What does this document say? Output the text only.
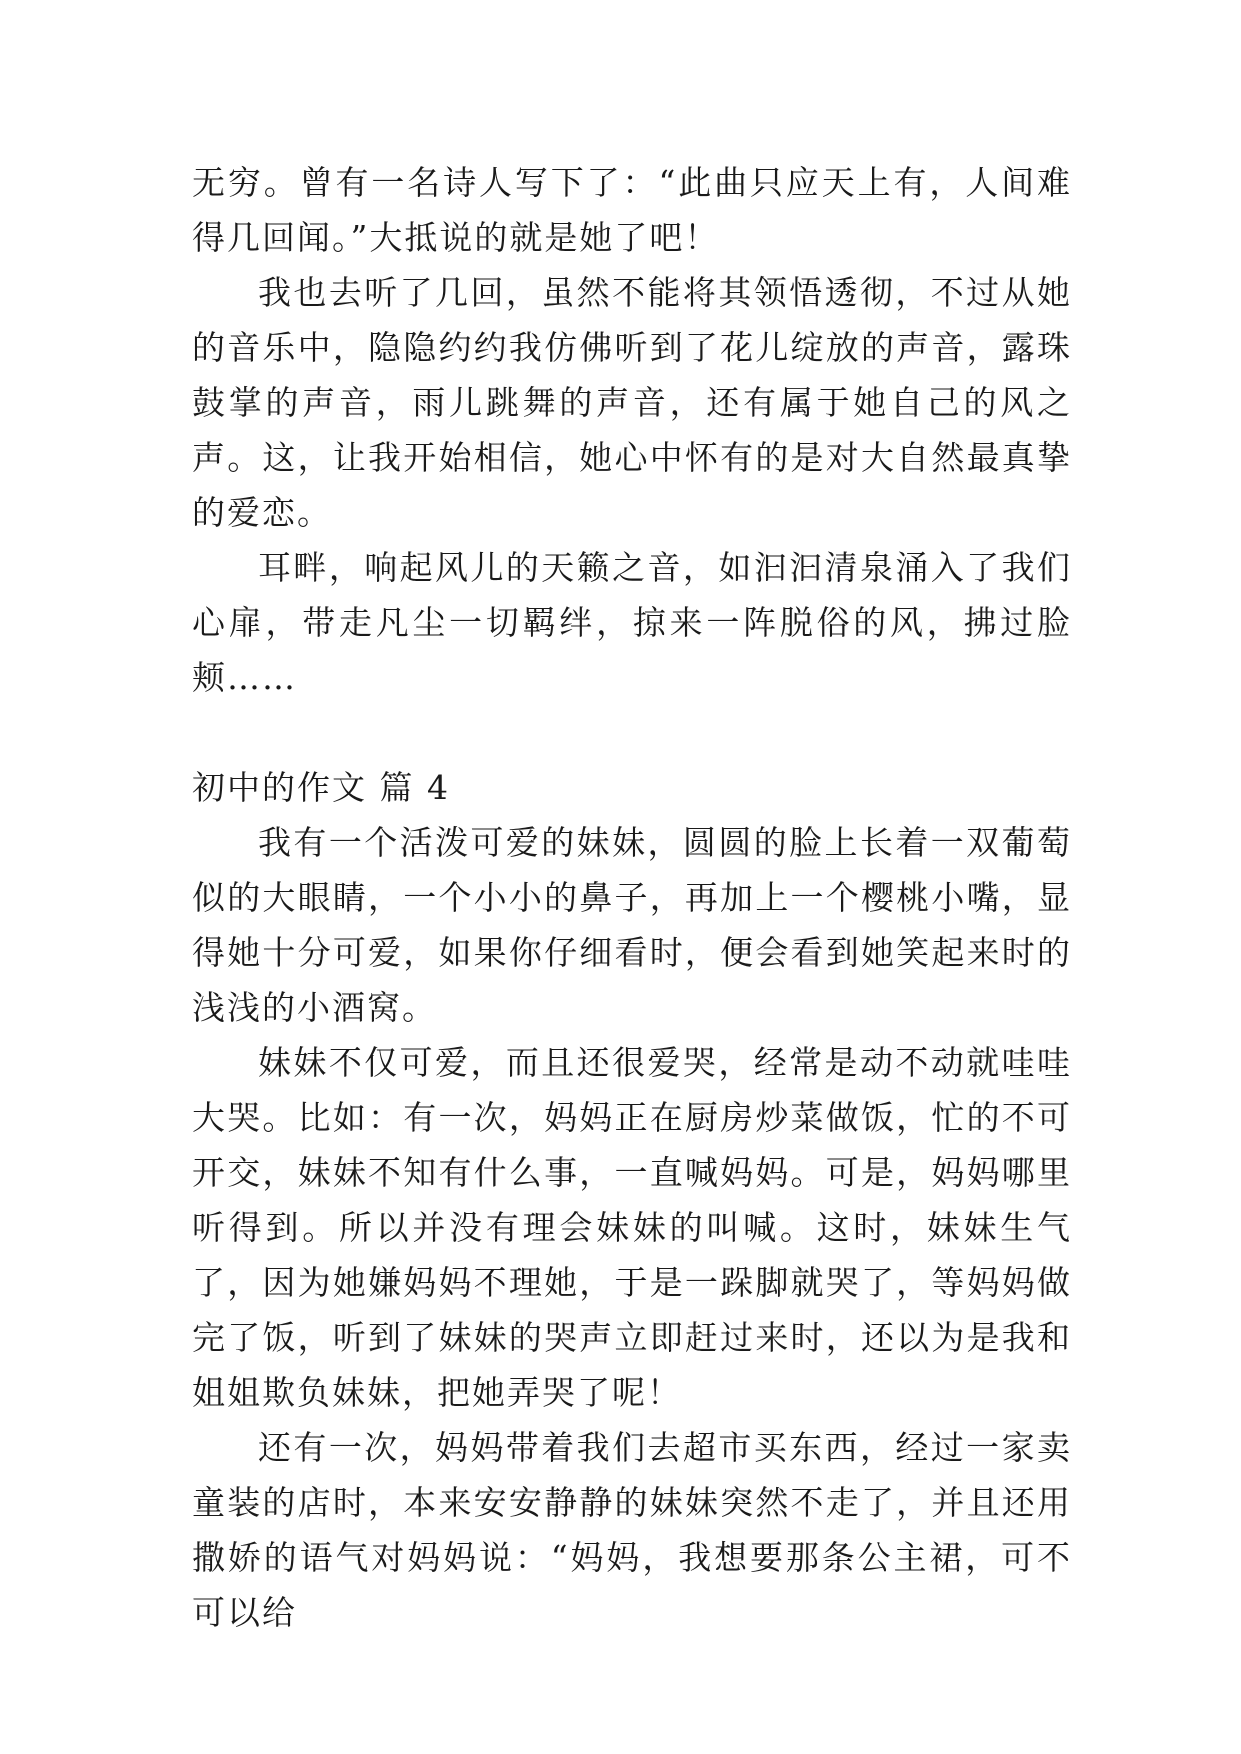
无穷。曾有一名诗人写下了：“此曲只应天上有，人间难得几回闻。”大抵说的就是她了吧！

我也去听了几回，虽然不能将其领悟透彻，不过从她的音乐中，隐隐约约我仿佛听到了花儿绽放的声音，露珠鼓掌的声音，雨儿跳舞的声音，还有属于她自己的风之声。这，让我开始相信，她心中怀有的是对大自然最真挚的爱恋。

耳畔，响起风儿的天籁之音，如汩汩清泉涌入了我们心扉，带走凡尘一切羁绊，掠来一阵脱俗的风，拂过脸颊……

初中的作文 篇 4

我有一个活泼可爱的妹妹，圆圆的脸上长着一双葡萄似的大眼睛，一个小小的鼻子，再加上一个樱桃小嘴，显得她十分可爱，如果你仔细看时，便会看到她笑起来时的浅浅的小酒窝。

妹妹不仅可爱，而且还很爱哭，经常是动不动就哇哇大哭。比如：有一次，妈妈正在厨房炒菜做饭，忙的不可开交，妹妹不知有什么事，一直喊妈妈。可是，妈妈哪里听得到。所以并没有理会妹妹的叫喊。这时，妹妹生气了，因为她嫌妈妈不理她，于是一跺脚就哭了，等妈妈做完了饭，听到了妹妹的哭声立即赶过来时，还以为是我和姐姐欺负妹妹，把她弄哭了呢！

还有一次，妈妈带着我们去超市买东西，经过一家卖童装的店时，本来安安静静的妹妹突然不走了，并且还用撒娇的语气对妈妈说：“妈妈，我想要那条公主裙，可不可以给
